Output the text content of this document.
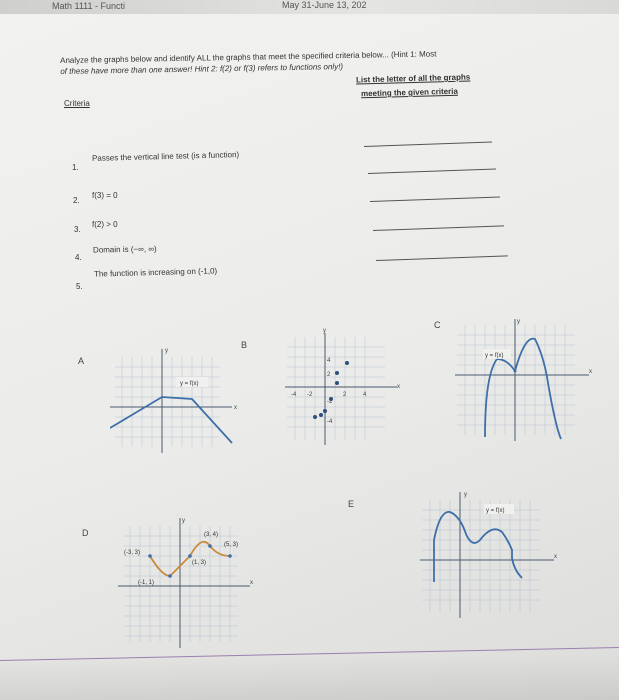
Math 1111 - Functi	May 31-June 13, 202
Analyze the graphs below and identify ALL the graphs that meet the specified criteria below... (Hint 1: Most
of these have more than one answer! Hint 2: f(2) or f(3) refers to functions only!)
Criteria
List the letter of all the graphs
meeting the given criteria
1.
Passes the vertical line test (is a function)
2.
f(3) = 0
3.
f(2) > 0
4.
Domain is (−∞, ∞)
5.
The function is increasing on (-1,0)
A
B
C
D
E
y
x
y = f(x)
y
x
4
2
-2
-4
-4 -2	2	4
y
x
y = f(x)
y
x
(-3, 3)
(3, 4)
(5, 3)
(1, 3)
(-1, 1)
y
x
y = f(x)
